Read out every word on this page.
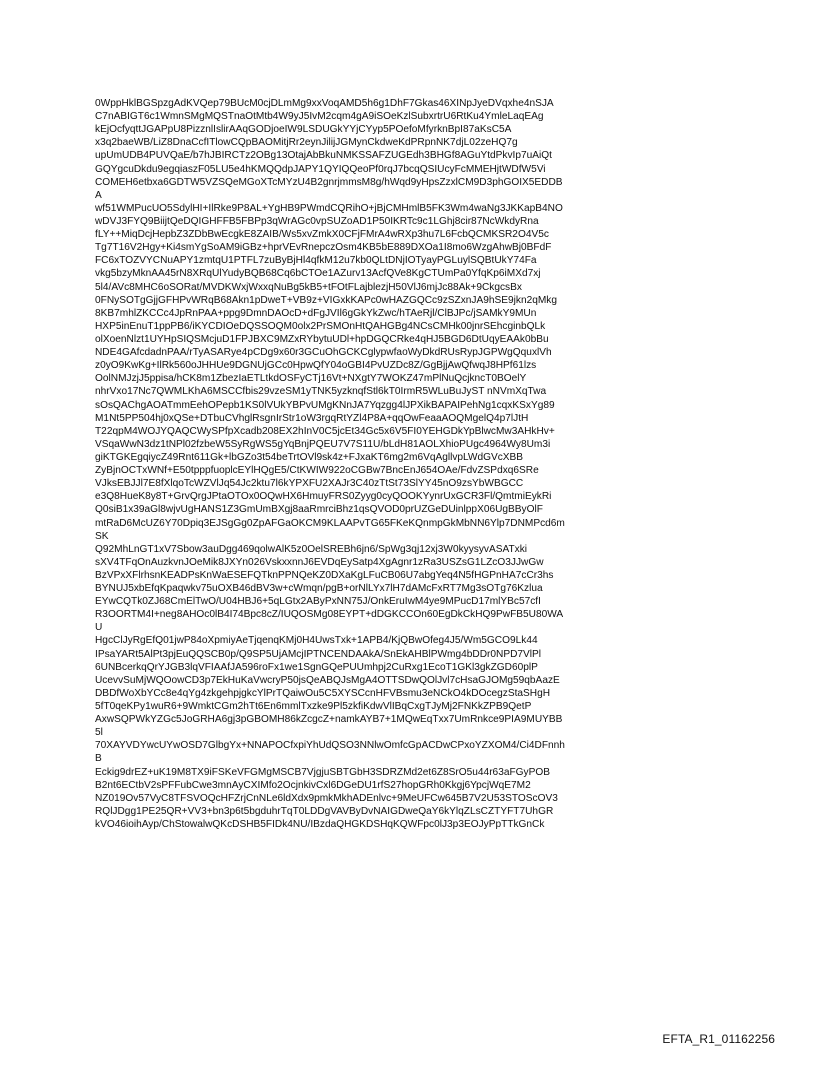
0WppHklBGSpzgAdKVQep79BUcM0cjDLmMg9xxVoqAMD5h6g1DhF7Gkas46XINpJyeDVqxhe4nSJA
C7nABIGT6c1WmnSMgMQSTnaOtMtb4W9yJ5IvM2cqm4gA9iSOeKzlSubxrtrU6RtKu4YmleLaqEAg
kEjOcfyqttJGAPpU8PizznlIslirAAqGODjoeIW9LSDUGkYYjCYyp5POefoMfyrknBpI87aKsC5A
x3q2baeWB/LiZ8DnaCcfITlowCQpBAOMitjRr2eynJilijJGMynCkdweKdPRpnNK7djL02zeHQ7g
upUmUDB4PUVQaE/b7hJBIRCTz2OBg13OtajAbBkuNMKSSAFZUGEdh3BHGf8AGuYtdPkvIp7uAiQt
GQYgcuDkdu9egqiaszF05LU5e4hKMQQdpJAPY1QYIQQeoPf0rqJ7bcqQSIUcyFcMMEHjtWDfW5Vi
COMEH6etbxa6GDTW5VZSQeMGoXTcMYzU4B2gnrjmmsM8g/hWqd9yHpsZzxlCM9D3phGOIX5EDDB
A
wf51WMPucUO5SdylHI+IlRke9P8AL+YgHB9PWmdCQRihO+jBjCMHmlB5FK3Wm4waNg3JKKapB4NO
wDVJ3FYQ9BiijtQeDQIGHFFB5FBPp3qWrAGc0vpSUZoAD1P50IKRTc9c1LGhj8cir87NcWkdyRna
fLY++MiqDcjHepbZ3ZDbBwEcgkE8ZAIB/Ws5xvZmkX0CFjFMrA4wRXp3hu7L6FcbQCMKSR2O4V5c
Tg7T16V2Hgy+Ki4smYgSoAM9iGBz+hprVEvRnepczOsm4KB5bE889DXOa1I8mo6WzgAhwBj0BFdF
FC6xTOZVYCNuAPY1zmtqU1PTFL7zuByBjHl4qfkM12u7kb0QLtDNjIOTyayPGLuylSQBtUkY74Fa
vkg5bzyMknAA45rN8XRqUlYudyBQB68Cq6bCTOe1AZurv13AcfQVe8KgCTUmPa0YfqKp6iMXd7xj
5l4/AVc8MHC6oSORat/MVDKWxjWxxqNuBg5kB5+tFOtFLajblezjH50VlJ6mjJc88Ak+9CkgcsBx
0FNySOTgGjjGFHPvWRqB68Akn1pDweT+VB9z+VIGxkKAPc0wHAZGQCc9zSZxnJA9hSE9jkn2qMkg
8KB7mhlZKCCc4JpRnPAA+ppg9DmnDAOcD+dFgJVIl6gGkYkZwc/hTAeRjl/ClBJPc/jSAMkY9MUn
HXP5inEnuT1ppPB6/iKYCDIOeDQSSOQM0olx2PrSMOnHtQAHGBg4NCsCMHk00jnrSEhcginbQLk
olXoenNlzt1UYHpSIQSMcjuD1FPJBXC9MZxRYbytuUDl+hpDGQCRke4qHJ5BGD6DtUqyEAAk0bBu
NDE4GAfcdadnPAA/rTyASARye4pCDg9x60r3GCuOhGCKCglypwfaoWyDkdRUsRypJGPWgQquxlVh
z0yO9KwKg+IlRk560oJHHUe9DGNUjGCc0HpwQfY04oGBI4PvUZDc8Z/GgBjjAwQfwqJ8HPf61lzs
OolNMJzjJ5ppisa/hCK8m1ZbezIaETLtkdOSFyCTj16Vt+NXgtY7WOKZ47mPlNuQcjkncT0BOelY
nhrVxo17Nc7QWMLKhA6MSCCfbis29vzeSM1yTNK5yzknqfStl6kT0IrmR5WLuBuJyST nNVmXqTwa
sOsQAChgAOATmmEehOPepb1KS0lVUkYBPvUMgKNnJA7Yqzgg4lJPXikBAPAIPehNg1cqxKSxYg89
M1Nt5PP504hj0xQSe+DTbuCVhglRsgnIrStr1oW3rgqRtYZl4P8A+qqOwFeaaAOQMgelQ4p7lJtH
T22qpM4WOJYQAQCWySPfpXcadb208EX2hInV0C5jcEt34Gc5x6V5FI0YEHGDkYpBlwcMw3AHkHv+
VSqaWwN3dz1tNPl02fzbeW5SyRgWS5gYqBnjPQEU7V7S11U/bLdH81AOLXhioPUgc4964Wy8Um3i
giKTGKEgqiycZ49Rnt611Gk+lbGZo3t54beTrtOVl9sk4z+FJxaKT6mg2m6VqAgllvpLWdGVcXBB
ZyBjnOCTxWNf+E50tpppfuoplcEYlHQgE5/CtKWIW922oCGBw7BncEnJ654OAe/FdvZSPdxq6SRe
VJksEBJJl7E8fXlqoTcWZVlJq54Jc2ktu7l6kYPXFU2XAJr3C40zTtSt73SlYY45nO9zsYbWBGCC
e3Q8HueK8y8T+GrvQrgJPtaOTOx0OQwHX6HmuyFRS0Zyyg0cyQOOKYynrUxGCR3Fl/QmtmiEykRi
Q0siB1x39aGl8wjvUgHANS1Z3GmUmBXgj8aaRmrciBhz1qsQVOD0prUZGeDUinlppX06UgBByOlF
mtRaD6McUZ6Y70Dpiq3EJSgGg0ZpAFGaOKCM9KLAAPvTG65FKeKQnmpGkMbNN6Ylp7DNMPcd6m
SK
Q92MhLnGT1xV7Sbow3auDgg469qolwAlK5z0OelSREBh6jn6/SpWg3qj12xj3W0kyysyvASATxki
sXV4TFqOnAuzkvnJOeMik8JXYn026VskxxnnJ6EVDqEySatp4XgAgnr1zRa3USZsG1LZcO3JJwGw
BzVPxXFlrhsnKEADPsKnWaESEFQTknPPNQeKZ0DXaKgLFuCB06U7abgYeq4N5fHGPnHA7cCr3hs
BYNUJ5xbEfqKpaqwkv75uOXB46dBV3w+cWmqn/pgB+orNlLYx7lH7dAMcFxRT7Mg3sOTg76Kzlua
EYwCQTk0ZJ68CmElTwO/U04HBJ6+5qLGtx2AByPxNN75J/OnkEruIwM4ye9MPucD17mlYBc57cfI
R3OORTM4I+neg8AHOc0lB4I74Bpc8cZ/IUQOSMg08EYPT+dDGKCCOn60EgDkCkHQ9PwFB5U80WA
U
HgcClJyRgEfQ01jwP84oXpmiyAeTjqenqKMj0H4UwsTxk+1APB4/KjQBwOfeg4J5/Wm5GCO9Lk44
IPsaYARt5AlPt3pjEuQQSCB0p/Q9SP5UjAMcjIPTNCENDAAkA/SnEkAHBlPWmg4bDDr0NPD7VlPl
6UNBcerkqQrYJGB3lqVFIAAfJA596roFx1we1SgnGQePUUmhpj2CuRxg1EcoT1GKl3gkZGD60plP
UcevvSuMjWQOowCD3p7EkHuKaVwcryP50jsQeABQJsMgA4OTTSDwQOlJvl7cHsaGJOMg59qbAazE
DBDfWoXbYCc8e4qYg4zkgehpjgkcYlPrTQaiwOu5C5XYSCcnHFVBsmu3eNCkO4kDOcegzStaSHgH
5fT0qeKPy1wuR6+9WmktCGm2hTt6En6mmlTxzke9Pl5zkfiKdwVlIBqCxgTJyMj2FNKkZPB9QetP
AxwSQPWkYZGc5JoGRHA6gj3pGBOMH86kZcgcZ+namkAYB7+1MQwEqTxx7UmRnkce9PIA9MUYBB
5l
70XAYVDYwcUYwOSD7GlbgYx+NNAPOCfxpiYhUdQSO3NNlwOmfcGpACDwCPxoYZXOM4/Ci4DFnnh
B
Eckig9drEZ+uK19M8TX9iFSKeVFGMgMSCB7VjgjuSBTGbH3SDRZMd2et6Z8SrO5u44r63aFGyPOB
B2nt6ECtbV2sPFFubCwe3mnAyCXIMfo2OcjnkivCxl6DGeDU1rfS27hopGRh0Kkgj6YpcjWqE7M2
NZ019Ov57VyC8TFSVOQcHFZrjCnNLe6ldXdx9pmkMkhADEnlvc+9MeUFCw645B7V2U53STOScOV3
RQlJDgg1PE25QR+VV3+bn3p6t5bgduhrTqT0LDDgVAVByDvNAIGDweQaY6kYlqZLsCZTYFT7UhGR
kVO46ioihAyp/ChStowalwQKcDSHB5FIDk4NU/IBzdaQHGKDSHqKQWFpc0lJ3p3EOJyPpTTkGnCk
EFTA_R1_01162256
